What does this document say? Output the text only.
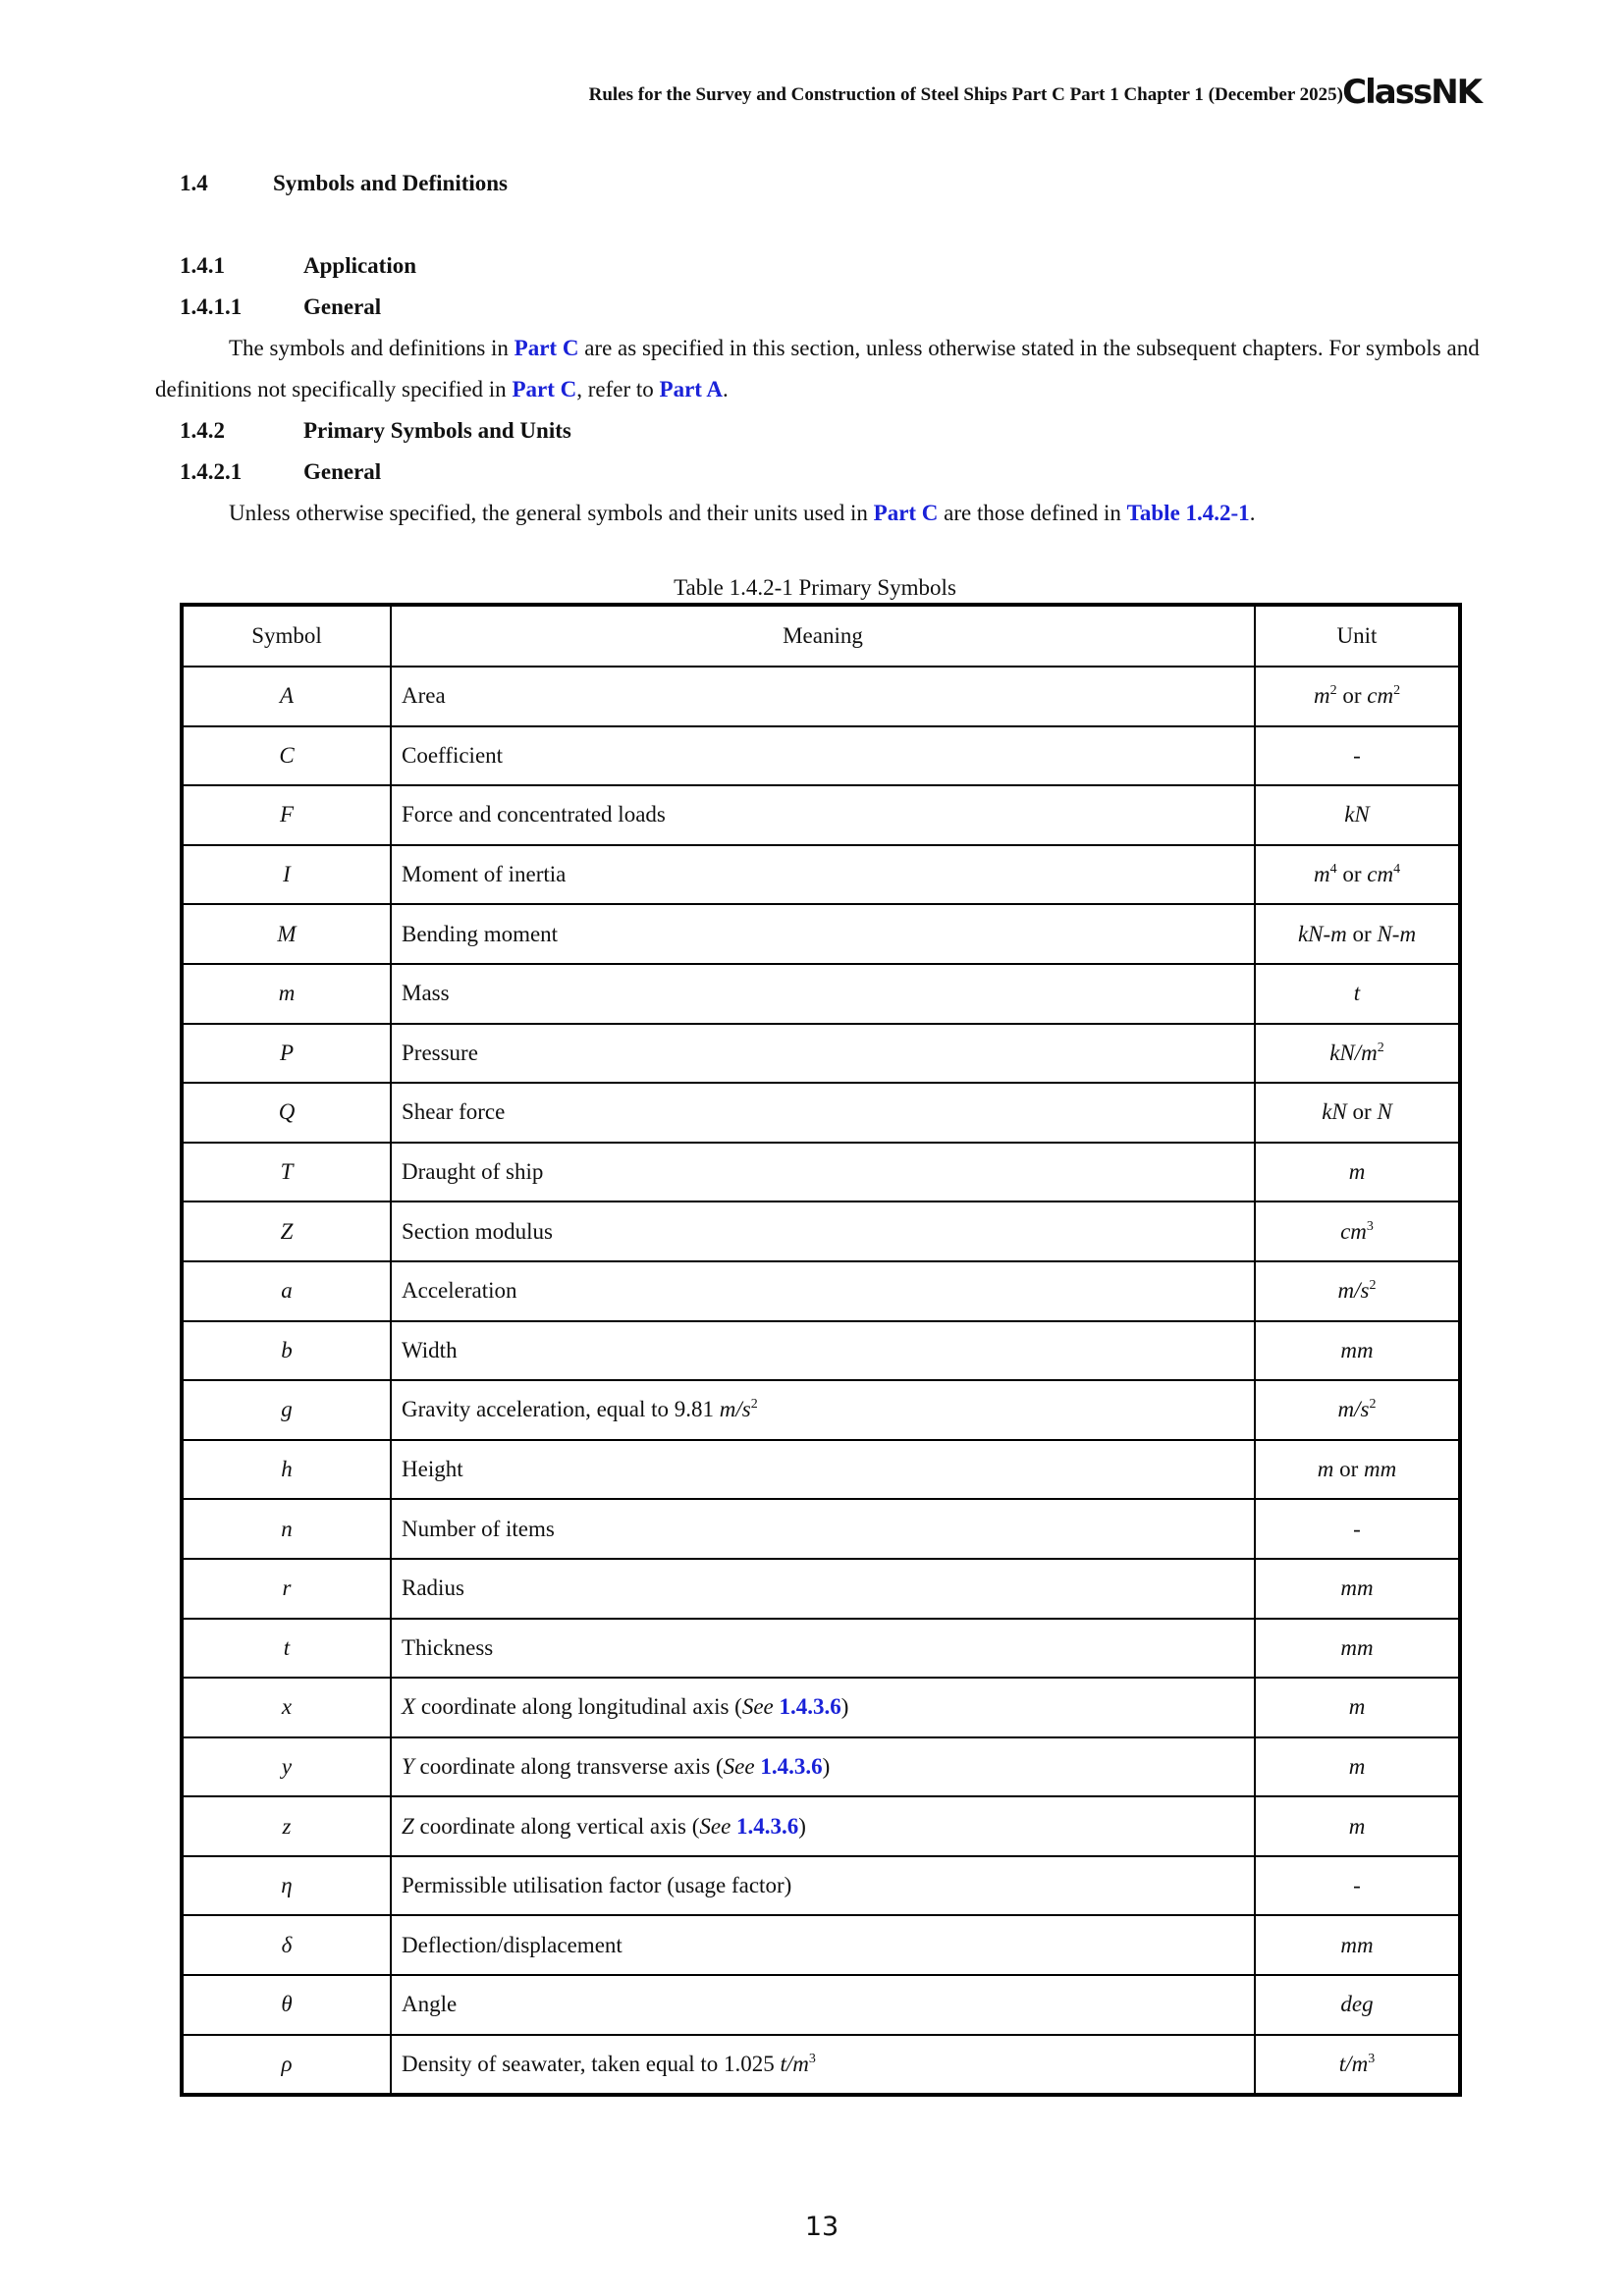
Rules for the Survey and Construction of Steel Ships Part C Part 1 Chapter 1 (December 2025) ClassNK
1.4	Symbols and Definitions
1.4.1	Application
1.4.1.1	General
The symbols and definitions in Part C are as specified in this section, unless otherwise stated in the subsequent chapters. For symbols and definitions not specifically specified in Part C, refer to Part A.
1.4.2	Primary Symbols and Units
1.4.2.1	General
Unless otherwise specified, the general symbols and their units used in Part C are those defined in Table 1.4.2-1.
Table 1.4.2-1 Primary Symbols
Symbol	Meaning	Unit
A	Area	$m^2$ or $cm^2$
C	Coefficient	-
F	Force and concentrated loads	kN
I	Moment of inertia	$m^4$ or $cm^4$
M	Bending moment	kN-m or N-m
m	Mass	t
P	Pressure	$kN/m^2$
Q	Shear force	kN or N
T	Draught of ship	m
Z	Section modulus	$cm^3$
a	Acceleration	$m/s^2$
b	Width	mm
g	Gravity acceleration, equal to 9.81 $m/s^2$	$m/s^2$
h	Height	m or mm
n	Number of items	-
r	Radius	mm
t	Thickness	mm
x	X coordinate along longitudinal axis (See 1.4.3.6)	m
y	Y coordinate along transverse axis (See 1.4.3.6)	m
z	Z coordinate along vertical axis (See 1.4.3.6)	m
η	Permissible utilisation factor (usage factor)	-
δ	Deflection/displacement	mm
θ	Angle	deg
ρ	Density of seawater, taken equal to 1.025 $t/m^3$	$t/m^3$
13
